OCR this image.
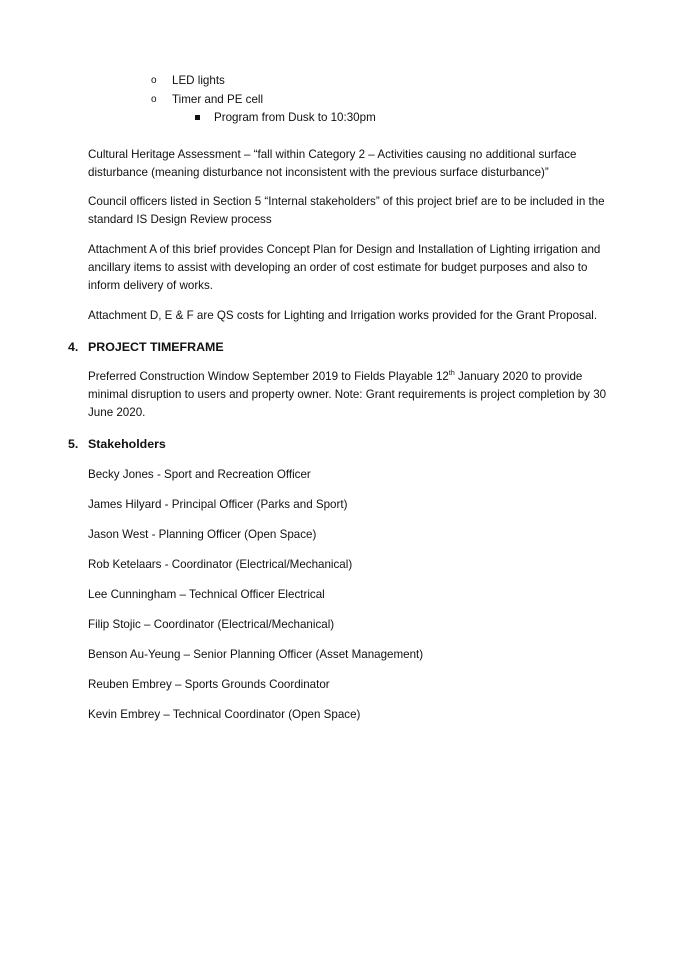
o LED lights
o Timer and PE cell
Program from Dusk to 10:30pm
Cultural Heritage Assessment – “fall within Category 2 – Activities causing no additional surface
disturbance (meaning disturbance not inconsistent with the previous surface disturbance)”
Council officers listed in Section 5 “Internal stakeholders” of this project brief are to be included in the
standard IS Design Review process
Attachment A of this brief provides Concept Plan for Design and Installation of Lighting irrigation and
ancillary items to assist with developing an order of cost estimate for budget purposes and also to
inform delivery of works.
Attachment D, E & F are QS costs for Lighting and Irrigation works provided for the Grant Proposal.
4. PROJECT TIMEFRAME
Preferred Construction Window September 2019 to Fields Playable 12th January 2020 to provide
minimal disruption to users and property owner. Note: Grant requirements is project completion by 30
June 2020.
5. Stakeholders
Becky Jones - Sport and Recreation Officer
James Hilyard - Principal Officer (Parks and Sport)
Jason West - Planning Officer (Open Space)
Rob Ketelaars - Coordinator (Electrical/Mechanical)
Lee Cunningham – Technical Officer Electrical
Filip Stojic – Coordinator (Electrical/Mechanical)
Benson Au-Yeung – Senior Planning Officer (Asset Management)
Reuben Embrey – Sports Grounds Coordinator
Kevin Embrey – Technical Coordinator (Open Space)
